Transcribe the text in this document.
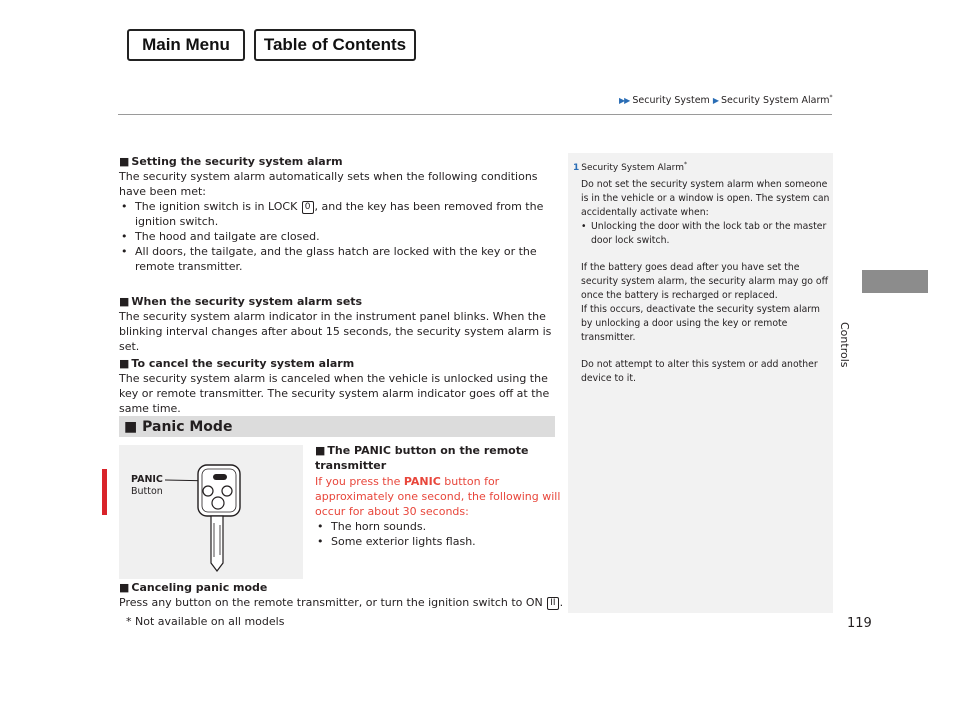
Main Menu	Table of Contents
▶▶ Security System ▶ Security System Alarm*
Controls
■ Setting the security system alarm
The security system alarm automatically sets when the following conditions have been met:
• The ignition switch is in LOCK 0 , and the key has been removed from the ignition switch.
• The hood and tailgate are closed.
• All doors, the tailgate, and the glass hatch are locked with the key or the remote transmitter.
■ When the security system alarm sets
The security system alarm indicator in the instrument panel blinks. When the blinking interval changes after about 15 seconds, the security system alarm is set.
■ To cancel the security system alarm
The security system alarm is canceled when the vehicle is unlocked using the key or remote transmitter. The security system alarm indicator goes off at the same time.
■ Panic Mode
PANIC
Button
■ The PANIC button on the remote transmitter
If you press the PANIC button for approximately one second, the following will occur for about 30 seconds:
• The horn sounds.
• Some exterior lights flash.
■ Canceling panic mode
Press any button on the remote transmitter, or turn the ignition switch to ON II .
1 Security System Alarm*

Do not set the security system alarm when someone is in the vehicle or a window is open. The system can accidentally activate when:

• Unlocking the door with the lock tab or the master door lock switch.

If the battery goes dead after you have set the security system alarm, the security alarm may go off once the battery is recharged or replaced.

If this occurs, deactivate the security system alarm by unlocking a door using the key or remote transmitter.

Do not attempt to alter this system or add another device to it.

* Not available on all models	119
